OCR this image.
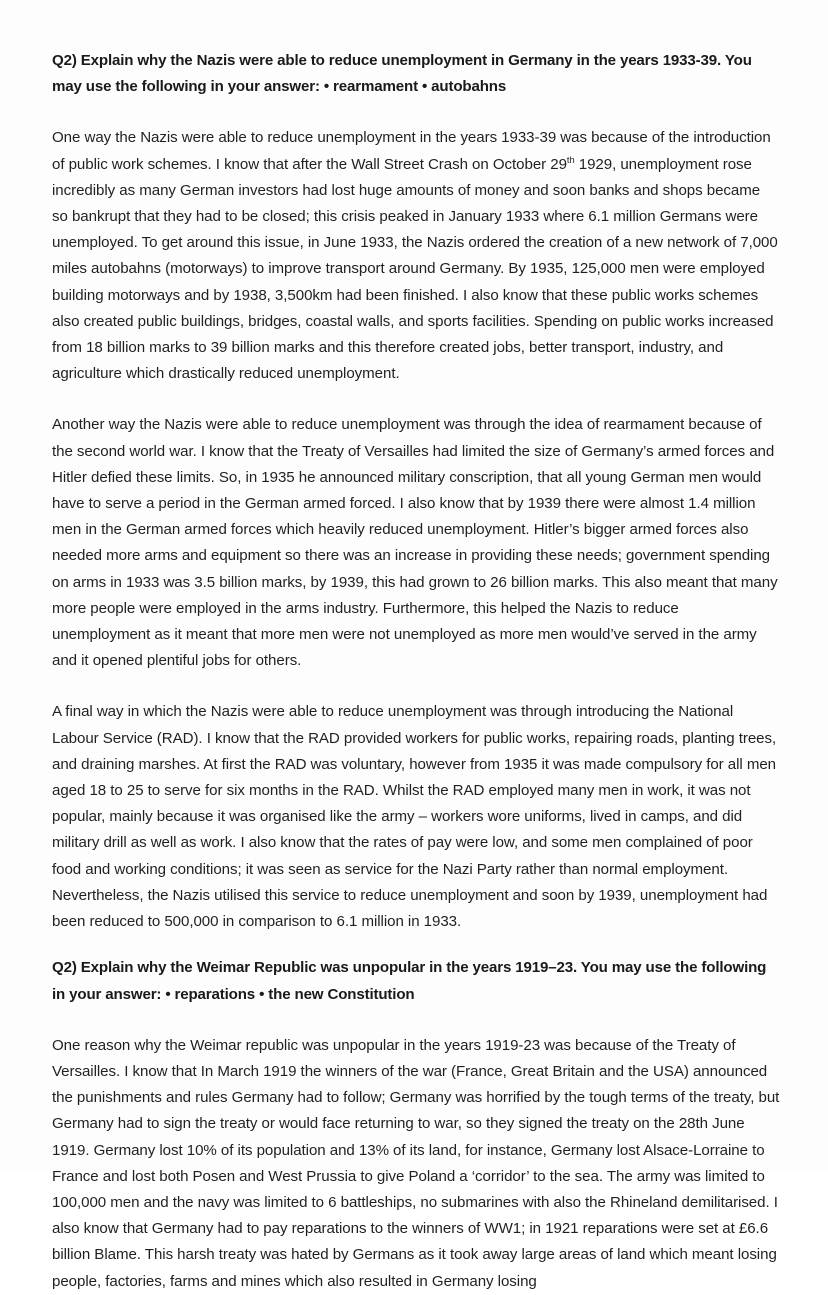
Q2) Explain why the Nazis were able to reduce unemployment in Germany in the years 1933-39. You may use the following in your answer: • rearmament • autobahns

One way the Nazis were able to reduce unemployment in the years 1933-39 was because of the introduction of public work schemes. I know that after the Wall Street Crash on October 29th 1929, unemployment rose incredibly as many German investors had lost huge amounts of money and soon banks and shops became so bankrupt that they had to be closed; this crisis peaked in January 1933 where 6.1 million Germans were unemployed. To get around this issue, in June 1933, the Nazis ordered the creation of a new network of 7,000 miles autobahns (motorways) to improve transport around Germany. By 1935, 125,000 men were employed building motorways and by 1938, 3,500km had been finished. I also know that these public works schemes also created public buildings, bridges, coastal walls, and sports facilities. Spending on public works increased from 18 billion marks to 39 billion marks and this therefore created jobs, better transport, industry, and agriculture which drastically reduced unemployment.

Another way the Nazis were able to reduce unemployment was through the idea of rearmament because of the second world war. I know that the Treaty of Versailles had limited the size of Germany’s armed forces and Hitler defied these limits. So, in 1935 he announced military conscription, that all young German men would have to serve a period in the German armed forced. I also know that by 1939 there were almost 1.4 million men in the German armed forces which heavily reduced unemployment. Hitler’s bigger armed forces also needed more arms and equipment so there was an increase in providing these needs; government spending on arms in 1933 was 3.5 billion marks, by 1939, this had grown to 26 billion marks. This also meant that many more people were employed in the arms industry. Furthermore, this helped the Nazis to reduce unemployment as it meant that more men were not unemployed as more men would’ve served in the army and it opened plentiful jobs for others.

A final way in which the Nazis were able to reduce unemployment was through introducing the National Labour Service (RAD). I know that the RAD provided workers for public works, repairing roads, planting trees, and draining marshes. At first the RAD was voluntary, however from 1935 it was made compulsory for all men aged 18 to 25 to serve for six months in the RAD. Whilst the RAD employed many men in work, it was not popular, mainly because it was organised like the army – workers wore uniforms, lived in camps, and did military drill as well as work. I also know that the rates of pay were low, and some men complained of poor food and working conditions; it was seen as service for the Nazi Party rather than normal employment. Nevertheless, the Nazis utilised this service to reduce unemployment and soon by 1939, unemployment had been reduced to 500,000 in comparison to 6.1 million in 1933.

Q2) Explain why the Weimar Republic was unpopular in the years 1919–23. You may use the following in your answer: • reparations • the new Constitution

One reason why the Weimar republic was unpopular in the years 1919-23 was because of the Treaty of Versailles. I know that In March 1919 the winners of the war (France, Great Britain and the USA) announced the punishments and rules Germany had to follow; Germany was horrified by the tough terms of the treaty, but Germany had to sign the treaty or would face returning to war, so they signed the treaty on the 28th June 1919. Germany lost 10% of its population and 13% of its land, for instance, Germany lost Alsace-Lorraine to France and lost both Posen and West Prussia to give Poland a ‘corridor’ to the sea. The army was limited to 100,000 men and the navy was limited to 6 battleships, no submarines with also the Rhineland demilitarised. I also know that Germany had to pay reparations to the winners of WW1; in 1921 reparations were set at £6.6 billion Blame. This harsh treaty was hated by Germans as it took away large areas of land which meant losing people, factories, farms and mines which also resulted in Germany losing
